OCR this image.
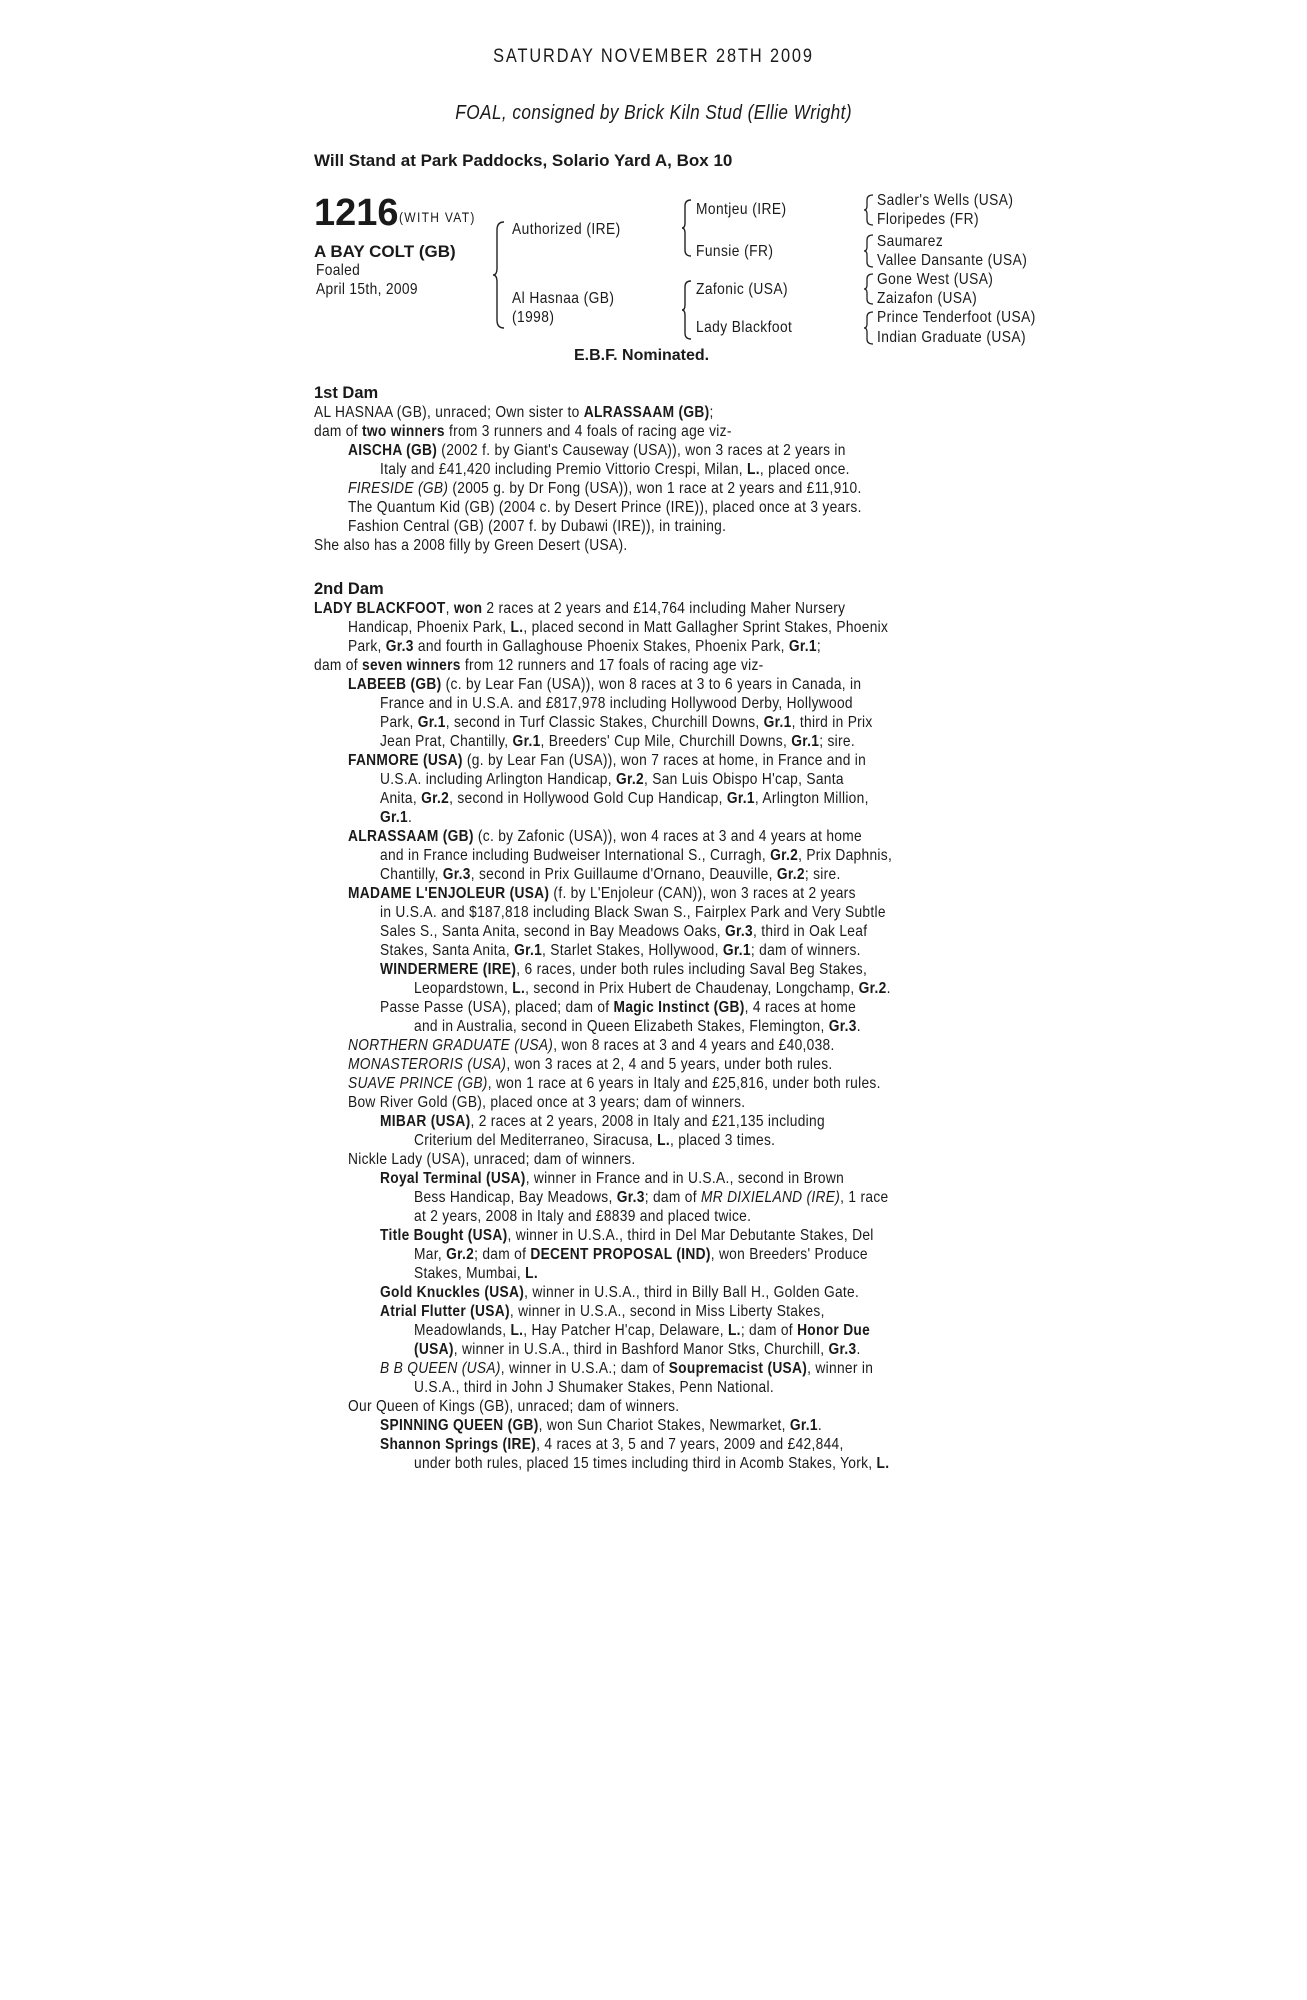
SATURDAY NOVEMBER 28TH 2009
FOAL, consigned by Brick Kiln Stud (Ellie Wright)
Will Stand at Park Paddocks, Solario Yard A, Box 10
1216 (WITH VAT)
A BAY COLT (GB)
Foaled
April 15th, 2009
Authorized (IRE)
Al Hasnaa (GB)
(1998)
Montjeu (IRE)
Funsie (FR)
Zafonic (USA)
Lady Blackfoot
Sadler's Wells (USA)
Floripedes (FR)
Saumarez
Vallee Dansante (USA)
Gone West (USA)
Zaizafon (USA)
Prince Tenderfoot (USA)
Indian Graduate (USA)
E.B.F. Nominated.
1st Dam
AL HASNAA (GB), unraced; Own sister to ALRASSAAM (GB);
dam of two winners from 3 runners and 4 foals of racing age viz-
AISCHA (GB) (2002 f. by Giant's Causeway (USA)), won 3 races at 2 years in
Italy and £41,420 including Premio Vittorio Crespi, Milan, L., placed once.
FIRESIDE (GB) (2005 g. by Dr Fong (USA)), won 1 race at 2 years and £11,910.
The Quantum Kid (GB) (2004 c. by Desert Prince (IRE)), placed once at 3 years.
Fashion Central (GB) (2007 f. by Dubawi (IRE)), in training.
She also has a 2008 filly by Green Desert (USA).
2nd Dam
LADY BLACKFOOT, won 2 races at 2 years and £14,764 including Maher Nursery
Handicap, Phoenix Park, L., placed second in Matt Gallagher Sprint Stakes, Phoenix
Park, Gr.3 and fourth in Gallaghouse Phoenix Stakes, Phoenix Park, Gr.1;
dam of seven winners from 12 runners and 17 foals of racing age viz-
LABEEB (GB) (c. by Lear Fan (USA)), won 8 races at 3 to 6 years in Canada, in
France and in U.S.A. and £817,978 including Hollywood Derby, Hollywood
Park, Gr.1, second in Turf Classic Stakes, Churchill Downs, Gr.1, third in Prix
Jean Prat, Chantilly, Gr.1, Breeders' Cup Mile, Churchill Downs, Gr.1; sire.
FANMORE (USA) (g. by Lear Fan (USA)), won 7 races at home, in France and in
U.S.A. including Arlington Handicap, Gr.2, San Luis Obispo H'cap, Santa
Anita, Gr.2, second in Hollywood Gold Cup Handicap, Gr.1, Arlington Million,
Gr.1.
ALRASSAAM (GB) (c. by Zafonic (USA)), won 4 races at 3 and 4 years at home
and in France including Budweiser International S., Curragh, Gr.2, Prix Daphnis,
Chantilly, Gr.3, second in Prix Guillaume d'Ornano, Deauville, Gr.2; sire.
MADAME L'ENJOLEUR (USA) (f. by L'Enjoleur (CAN)), won 3 races at 2 years
in U.S.A. and $187,818 including Black Swan S., Fairplex Park and Very Subtle
Sales S., Santa Anita, second in Bay Meadows Oaks, Gr.3, third in Oak Leaf
Stakes, Santa Anita, Gr.1, Starlet Stakes, Hollywood, Gr.1; dam of winners.
WINDERMERE (IRE), 6 races, under both rules including Saval Beg Stakes,
Leopardstown, L., second in Prix Hubert de Chaudenay, Longchamp, Gr.2.
Passe Passe (USA), placed; dam of Magic Instinct (GB), 4 races at home
and in Australia, second in Queen Elizabeth Stakes, Flemington, Gr.3.
NORTHERN GRADUATE (USA), won 8 races at 3 and 4 years and £40,038.
MONASTERORIS (USA), won 3 races at 2, 4 and 5 years, under both rules.
SUAVE PRINCE (GB), won 1 race at 6 years in Italy and £25,816, under both rules.
Bow River Gold (GB), placed once at 3 years; dam of winners.
MIBAR (USA), 2 races at 2 years, 2008 in Italy and £21,135 including
Criterium del Mediterraneo, Siracusa, L., placed 3 times.
Nickle Lady (USA), unraced; dam of winners.
Royal Terminal (USA), winner in France and in U.S.A., second in Brown
Bess Handicap, Bay Meadows, Gr.3; dam of MR DIXIELAND (IRE), 1 race
at 2 years, 2008 in Italy and £8839 and placed twice.
Title Bought (USA), winner in U.S.A., third in Del Mar Debutante Stakes, Del
Mar, Gr.2; dam of DECENT PROPOSAL (IND), won Breeders' Produce
Stakes, Mumbai, L.
Gold Knuckles (USA), winner in U.S.A., third in Billy Ball H., Golden Gate.
Atrial Flutter (USA), winner in U.S.A., second in Miss Liberty Stakes,
Meadowlands, L., Hay Patcher H'cap, Delaware, L.; dam of Honor Due
(USA), winner in U.S.A., third in Bashford Manor Stks, Churchill, Gr.3.
B B QUEEN (USA), winner in U.S.A.; dam of Soupremacist (USA), winner in
U.S.A., third in John J Shumaker Stakes, Penn National.
Our Queen of Kings (GB), unraced; dam of winners.
SPINNING QUEEN (GB), won Sun Chariot Stakes, Newmarket, Gr.1.
Shannon Springs (IRE), 4 races at 3, 5 and 7 years, 2009 and £42,844,
under both rules, placed 15 times including third in Acomb Stakes, York, L.
